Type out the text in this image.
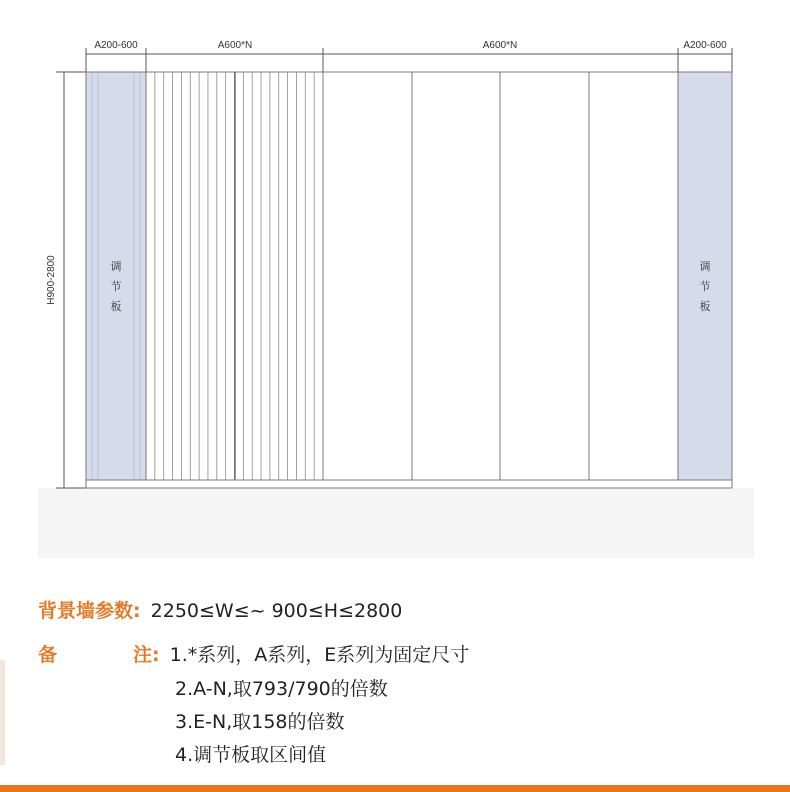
A200-600	A600*N	A600*N	A200-600
H900-2800	调
节
板
调
节
板
背景墙参数: 2250≤W≤~ 900≤H≤2800
备	注: 1.*系列，A系列，E系列为固定尺寸
2.A-N,取793/790的倍数
3.E-N,取158的倍数
4.调节板取区间值
